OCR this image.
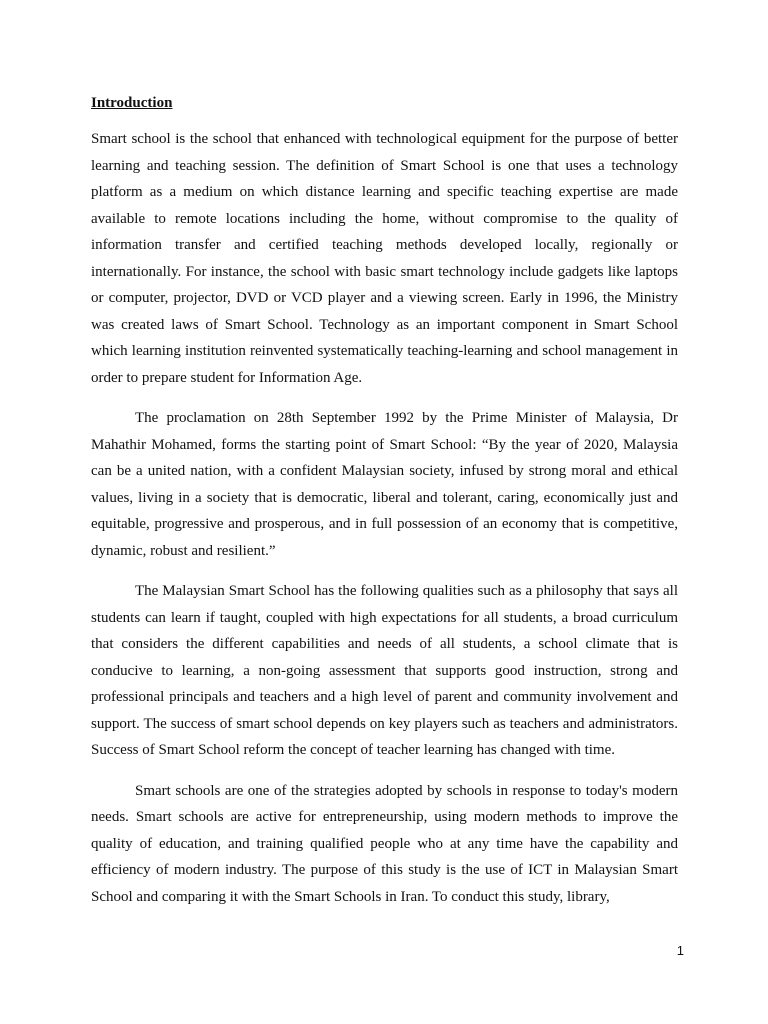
Introduction

Smart school is the school that enhanced with technological equipment for the purpose of better learning and teaching session. The definition of Smart School is one that uses a technology platform as a medium on which distance learning and specific teaching expertise are made available to remote locations including the home, without compromise to the quality of information transfer and certified teaching methods developed locally, regionally or internationally. For instance, the school with basic smart technology include gadgets like laptops or computer, projector, DVD or VCD player and a viewing screen. Early in 1996, the Ministry was created laws of Smart School. Technology as an important component in Smart School which learning institution reinvented systematically teaching-learning and school management in order to prepare student for Information Age.

The proclamation on 28th September 1992 by the Prime Minister of Malaysia, Dr Mahathir Mohamed, forms the starting point of Smart School: “By the year of 2020, Malaysia can be a united nation, with a confident Malaysian society, infused by strong moral and ethical values, living in a society that is democratic, liberal and tolerant, caring, economically just and equitable, progressive and prosperous, and in full possession of an economy that is competitive, dynamic, robust and resilient.”

The Malaysian Smart School has the following qualities such as a philosophy that says all students can learn if taught, coupled with high expectations for all students, a broad curriculum that considers the different capabilities and needs of all students, a school climate that is conducive to learning, a non-going assessment that supports good instruction, strong and professional principals and teachers and a high level of parent and community involvement and support. The success of smart school depends on key players such as teachers and administrators. Success of Smart School reform the concept of teacher learning has changed with time.

Smart schools are one of the strategies adopted by schools in response to today's modern needs. Smart schools are active for entrepreneurship, using modern methods to improve the quality of education, and training qualified people who at any time have the capability and efficiency of modern industry. The purpose of this study is the use of ICT in Malaysian Smart School and comparing it with the Smart Schools in Iran. To conduct this study, library,

1
